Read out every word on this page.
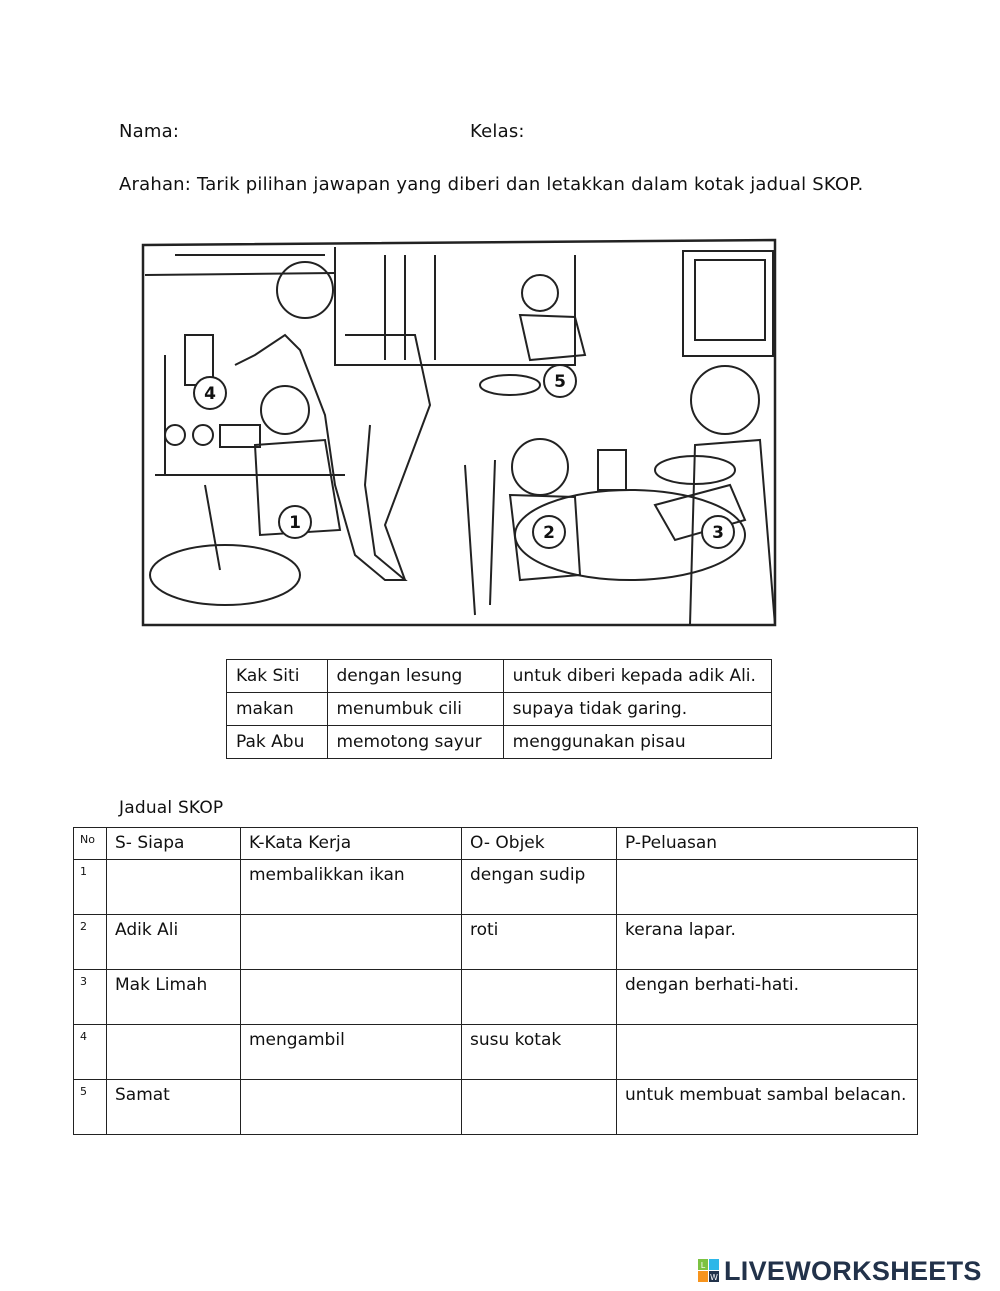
Nama:	Kelas:
Arahan: Tarik pilihan jawapan yang diberi dan letakkan dalam kotak jadual SKOP.
1	2	3
4
5
Kak Siti	dengan lesung	untuk diberi kepada adik Ali.
makan	menumbuk cili	supaya tidak garing.
Pak Abu	memotong sayur	menggunakan pisau
Jadual SKOP
No	S- Siapa	K-Kata Kerja	O- Objek	P-Peluasan
1		membalikkan ikan	dengan sudip	
2	Adik Ali		roti	kerana lapar.
3	Mak Limah			dengan berhati-hati.
4		mengambil	susu kotak	
5	Samat			untuk membuat sambal belacan.
L
W LIVEWORKSHEETS
